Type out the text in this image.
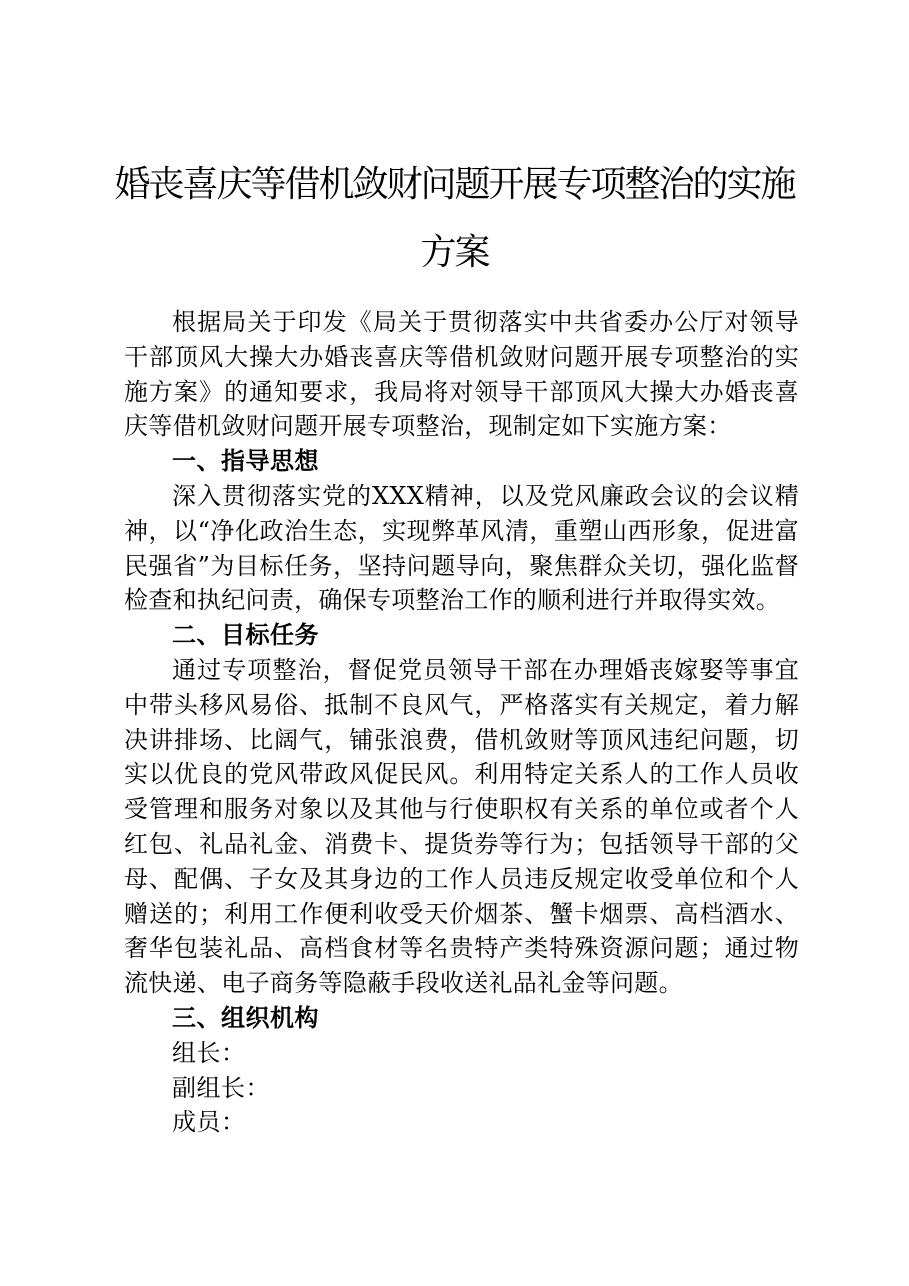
婚丧喜庆等借机敛财问题开展专项整治的实施
方案

根据局关于印发《局关于贯彻落实中共省委办公厅对领导干部顶风大操大办婚丧喜庆等借机敛财问题开展专项整治的实施方案》的通知要求，我局将对领导干部顶风大操大办婚丧喜庆等借机敛财问题开展专项整治，现制定如下实施方案：

一、指导思想

深入贯彻落实党的XXX精神，以及党风廉政会议的会议精神，以“净化政治生态，实现弊革风清，重塑山西形象，促进富民强省”为目标任务，坚持问题导向，聚焦群众关切，强化监督检查和执纪问责，确保专项整治工作的顺利进行并取得实效。

二、目标任务

通过专项整治，督促党员领导干部在办理婚丧嫁娶等事宜中带头移风易俗、抵制不良风气，严格落实有关规定，着力解决讲排场、比阔气，铺张浪费，借机敛财等顶风违纪问题，切实以优良的党风带政风促民风。利用特定关系人的工作人员收受管理和服务对象以及其他与行使职权有关系的单位或者个人红包、礼品礼金、消费卡、提货券等行为；包括领导干部的父母、配偶、子女及其身边的工作人员违反规定收受单位和个人赠送的；利用工作便利收受天价烟茶、蟹卡烟票、高档酒水、奢华包装礼品、高档食材等名贵特产类特殊资源问题；通过物流快递、电子商务等隐蔽手段收送礼品礼金等问题。

三、组织机构

组长：

副组长：

成员：
